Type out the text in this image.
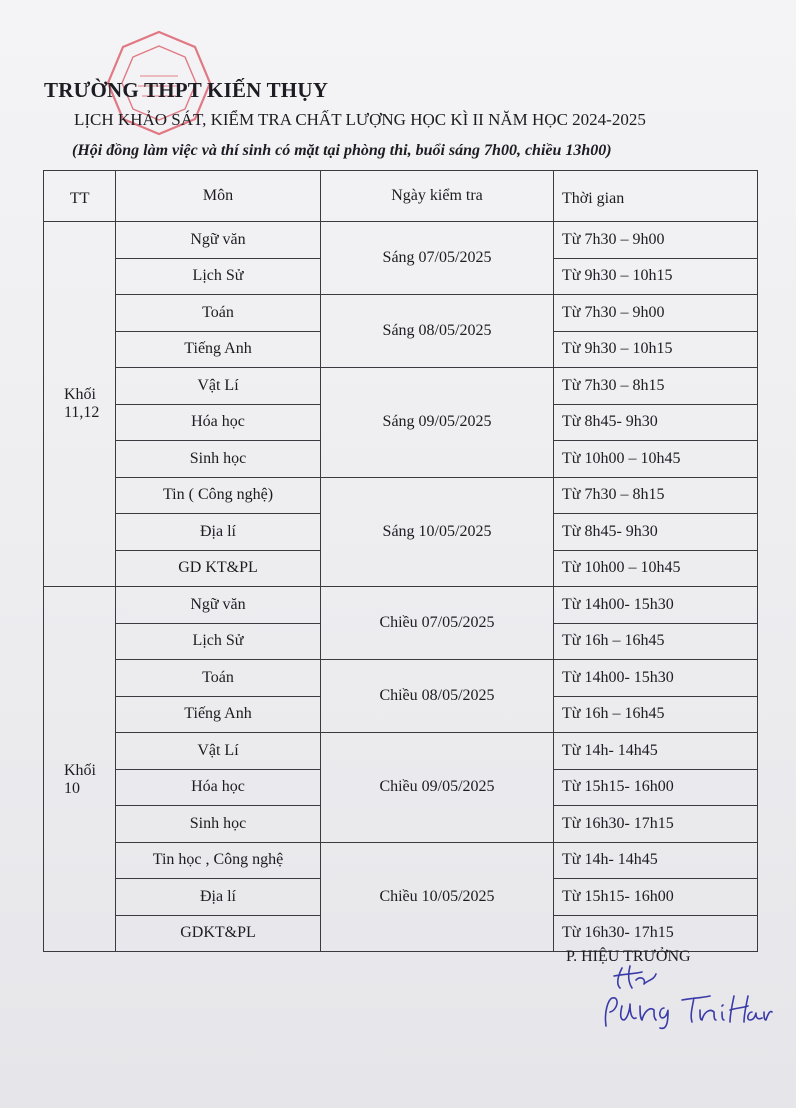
TRƯỜNG THPT KIẾN THỤY
LỊCH KHẢO SÁT, KIỂM TRA CHẤT LƯỢNG HỌC KÌ II NĂM HỌC 2024-2025
(Hội đồng làm việc và thí sinh có mặt tại phòng thi, buổi sáng 7h00, chiều 13h00)
TT	Môn	Ngày kiểm tra	Thời gian
Khối 11,12	Ngữ văn	Sáng 07/05/2025	Từ 7h30 – 9h00
	Lịch Sử		Từ 9h30 – 10h15
	Toán	Sáng 08/05/2025	Từ 7h30 – 9h00
	Tiếng Anh		Từ 9h30 – 10h15
	Vật Lí	Sáng 09/05/2025	Từ 7h30 – 8h15
	Hóa học		Từ 8h45- 9h30
	Sinh học		Từ 10h00 – 10h45
	Tin ( Công nghệ)	Sáng 10/05/2025	Từ 7h30 – 8h15
	Địa lí		Từ 8h45- 9h30
	GD KT&PL		Từ 10h00 – 10h45
Khối 10	Ngữ văn	Chiều 07/05/2025	Từ 14h00- 15h30
	Lịch Sử		Từ 16h – 16h45
	Toán	Chiều 08/05/2025	Từ 14h00- 15h30
	Tiếng Anh		Từ 16h – 16h45
	Vật Lí	Chiều 09/05/2025	Từ 14h- 14h45
	Hóa học		Từ 15h15- 16h00
	Sinh học		Từ 16h30- 17h15
	Tin học , Công nghệ	Chiều 10/05/2025	Từ 14h- 14h45
	Địa lí		Từ 15h15- 16h00
	GDKT&PL		Từ 16h30- 17h15
P. HIỆU TRƯỞNG
